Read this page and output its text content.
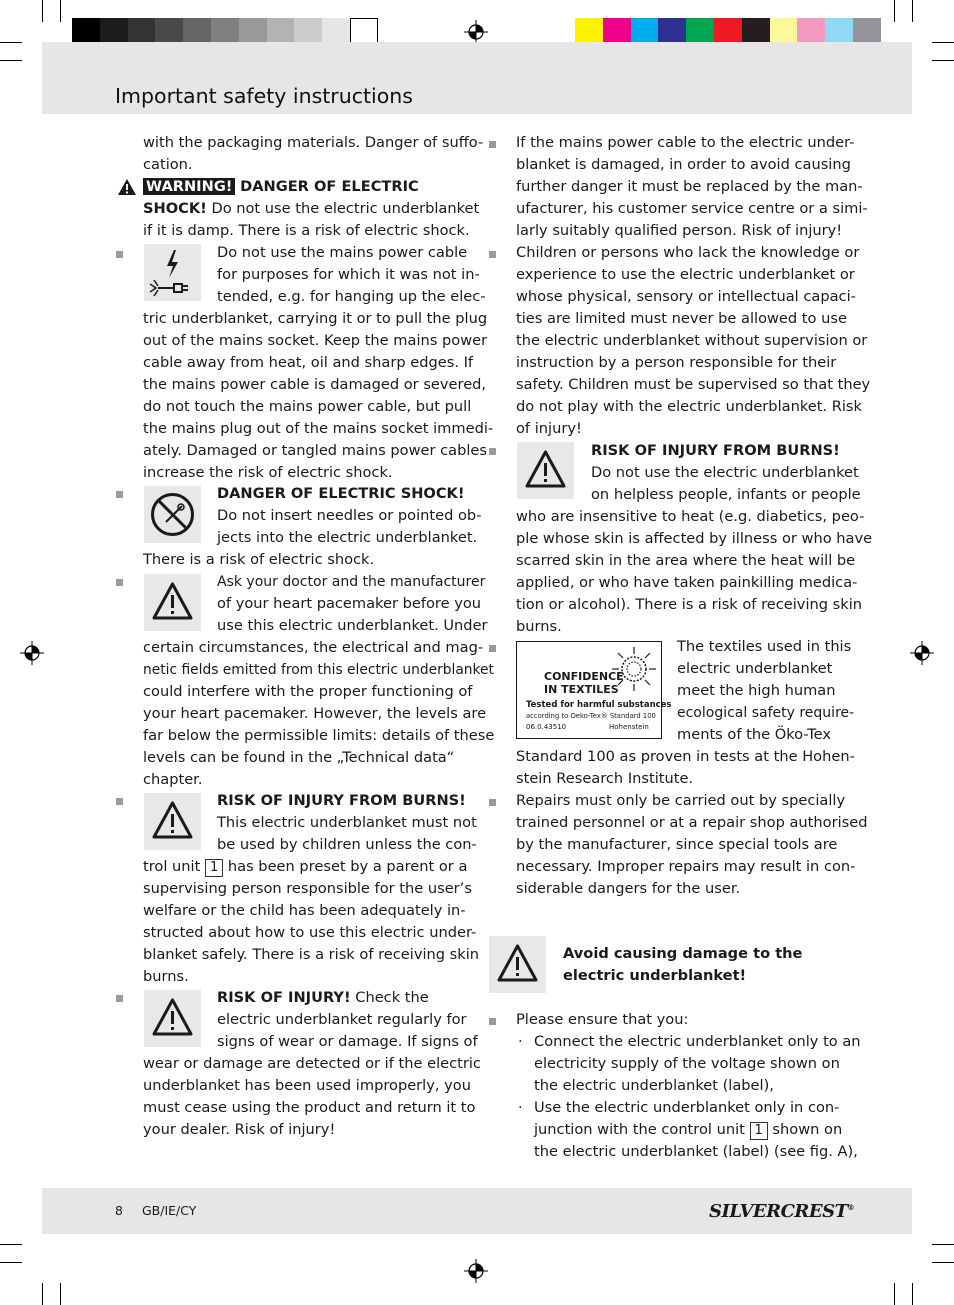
Important safety instructions
with the packaging materials. Danger of suffo-
cation.
WARNING! DANGER OF ELECTRIC
SHOCK! Do not use the electric underblanket
if it is damp. There is a risk of electric shock.
Do not use the mains power cable
for purposes for which it was not in-
tended, e.g. for hanging up the elec-
tric underblanket, carrying it or to pull the plug
out of the mains socket. Keep the mains power
cable away from heat, oil and sharp edges. If
the mains power cable is damaged or severed,
do not touch the mains power cable, but pull
the mains plug out of the mains socket immedi-
ately. Damaged or tangled mains power cables
increase the risk of electric shock.
DANGER OF ELECTRIC SHOCK!
Do not insert needles or pointed ob-
jects into the electric underblanket.
There is a risk of electric shock.
Ask your doctor and the manufacturer
of your heart pacemaker before you
use this electric underblanket. Under
certain circumstances, the electrical and mag-
netic fields emitted from this electric underblanket
could interfere with the proper functioning of
your heart pacemaker. However, the levels are
far below the permissible limits: details of these
levels can be found in the „Technical data“
chapter.
RISK OF INJURY FROM BURNS!
This electric underblanket must not
be used by children unless the con-
trol unit 1 has been preset by a parent or a
supervising person responsible for the user’s
welfare or the child has been adequately in-
structed about how to use this electric under-
blanket safely. There is a risk of receiving skin
burns.
RISK OF INJURY! Check the
electric underblanket regularly for
signs of wear or damage. If signs of
wear or damage are detected or if the electric
underblanket has been used improperly, you
must cease using the product and return it to
your dealer. Risk of injury!
If the mains power cable to the electric under-
blanket is damaged, in order to avoid causing
further danger it must be replaced by the man-
ufacturer, his customer service centre or a simi-
larly suitably qualified person. Risk of injury!
Children or persons who lack the knowledge or
experience to use the electric underblanket or
whose physical, sensory or intellectual capaci-
ties are limited must never be allowed to use
the electric underblanket without supervision or
instruction by a person responsible for their
safety. Children must be supervised so that they
do not play with the electric underblanket. Risk
of injury!
RISK OF INJURY FROM BURNS!
Do not use the electric underblanket
on helpless people, infants or people
who are insensitive to heat (e.g. diabetics, peo-
ple whose skin is affected by illness or who have
scarred skin in the area where the heat will be
applied, or who have taken painkilling medica-
tion or alcohol). There is a risk of receiving skin
burns.
CONFIDENCE
IN TEXTILES
Tested for harmful substances
according to Oeko-Tex® Standard 100
06.0.43510	Hohenstein
The textiles used in this
electric underblanket
meet the high human
ecological safety require-
ments of the Öko-Tex
Standard 100 as proven in tests at the Hohen-
stein Research Institute.
Repairs must only be carried out by specially
trained personnel or at a repair shop authorised
by the manufacturer, since special tools are
necessary. Improper repairs may result in con-
siderable dangers for the user.
Avoid causing damage to the
electric underblanket!
Please ensure that you:
· Connect the electric underblanket only to an
electricity supply of the voltage shown on
the electric underblanket (label),
· Use the electric underblanket only in con-
junction with the control unit 1 shown on
the electric underblanket (label) (see fig. A),
8 GB/IE/CY	SILVERCREST®
